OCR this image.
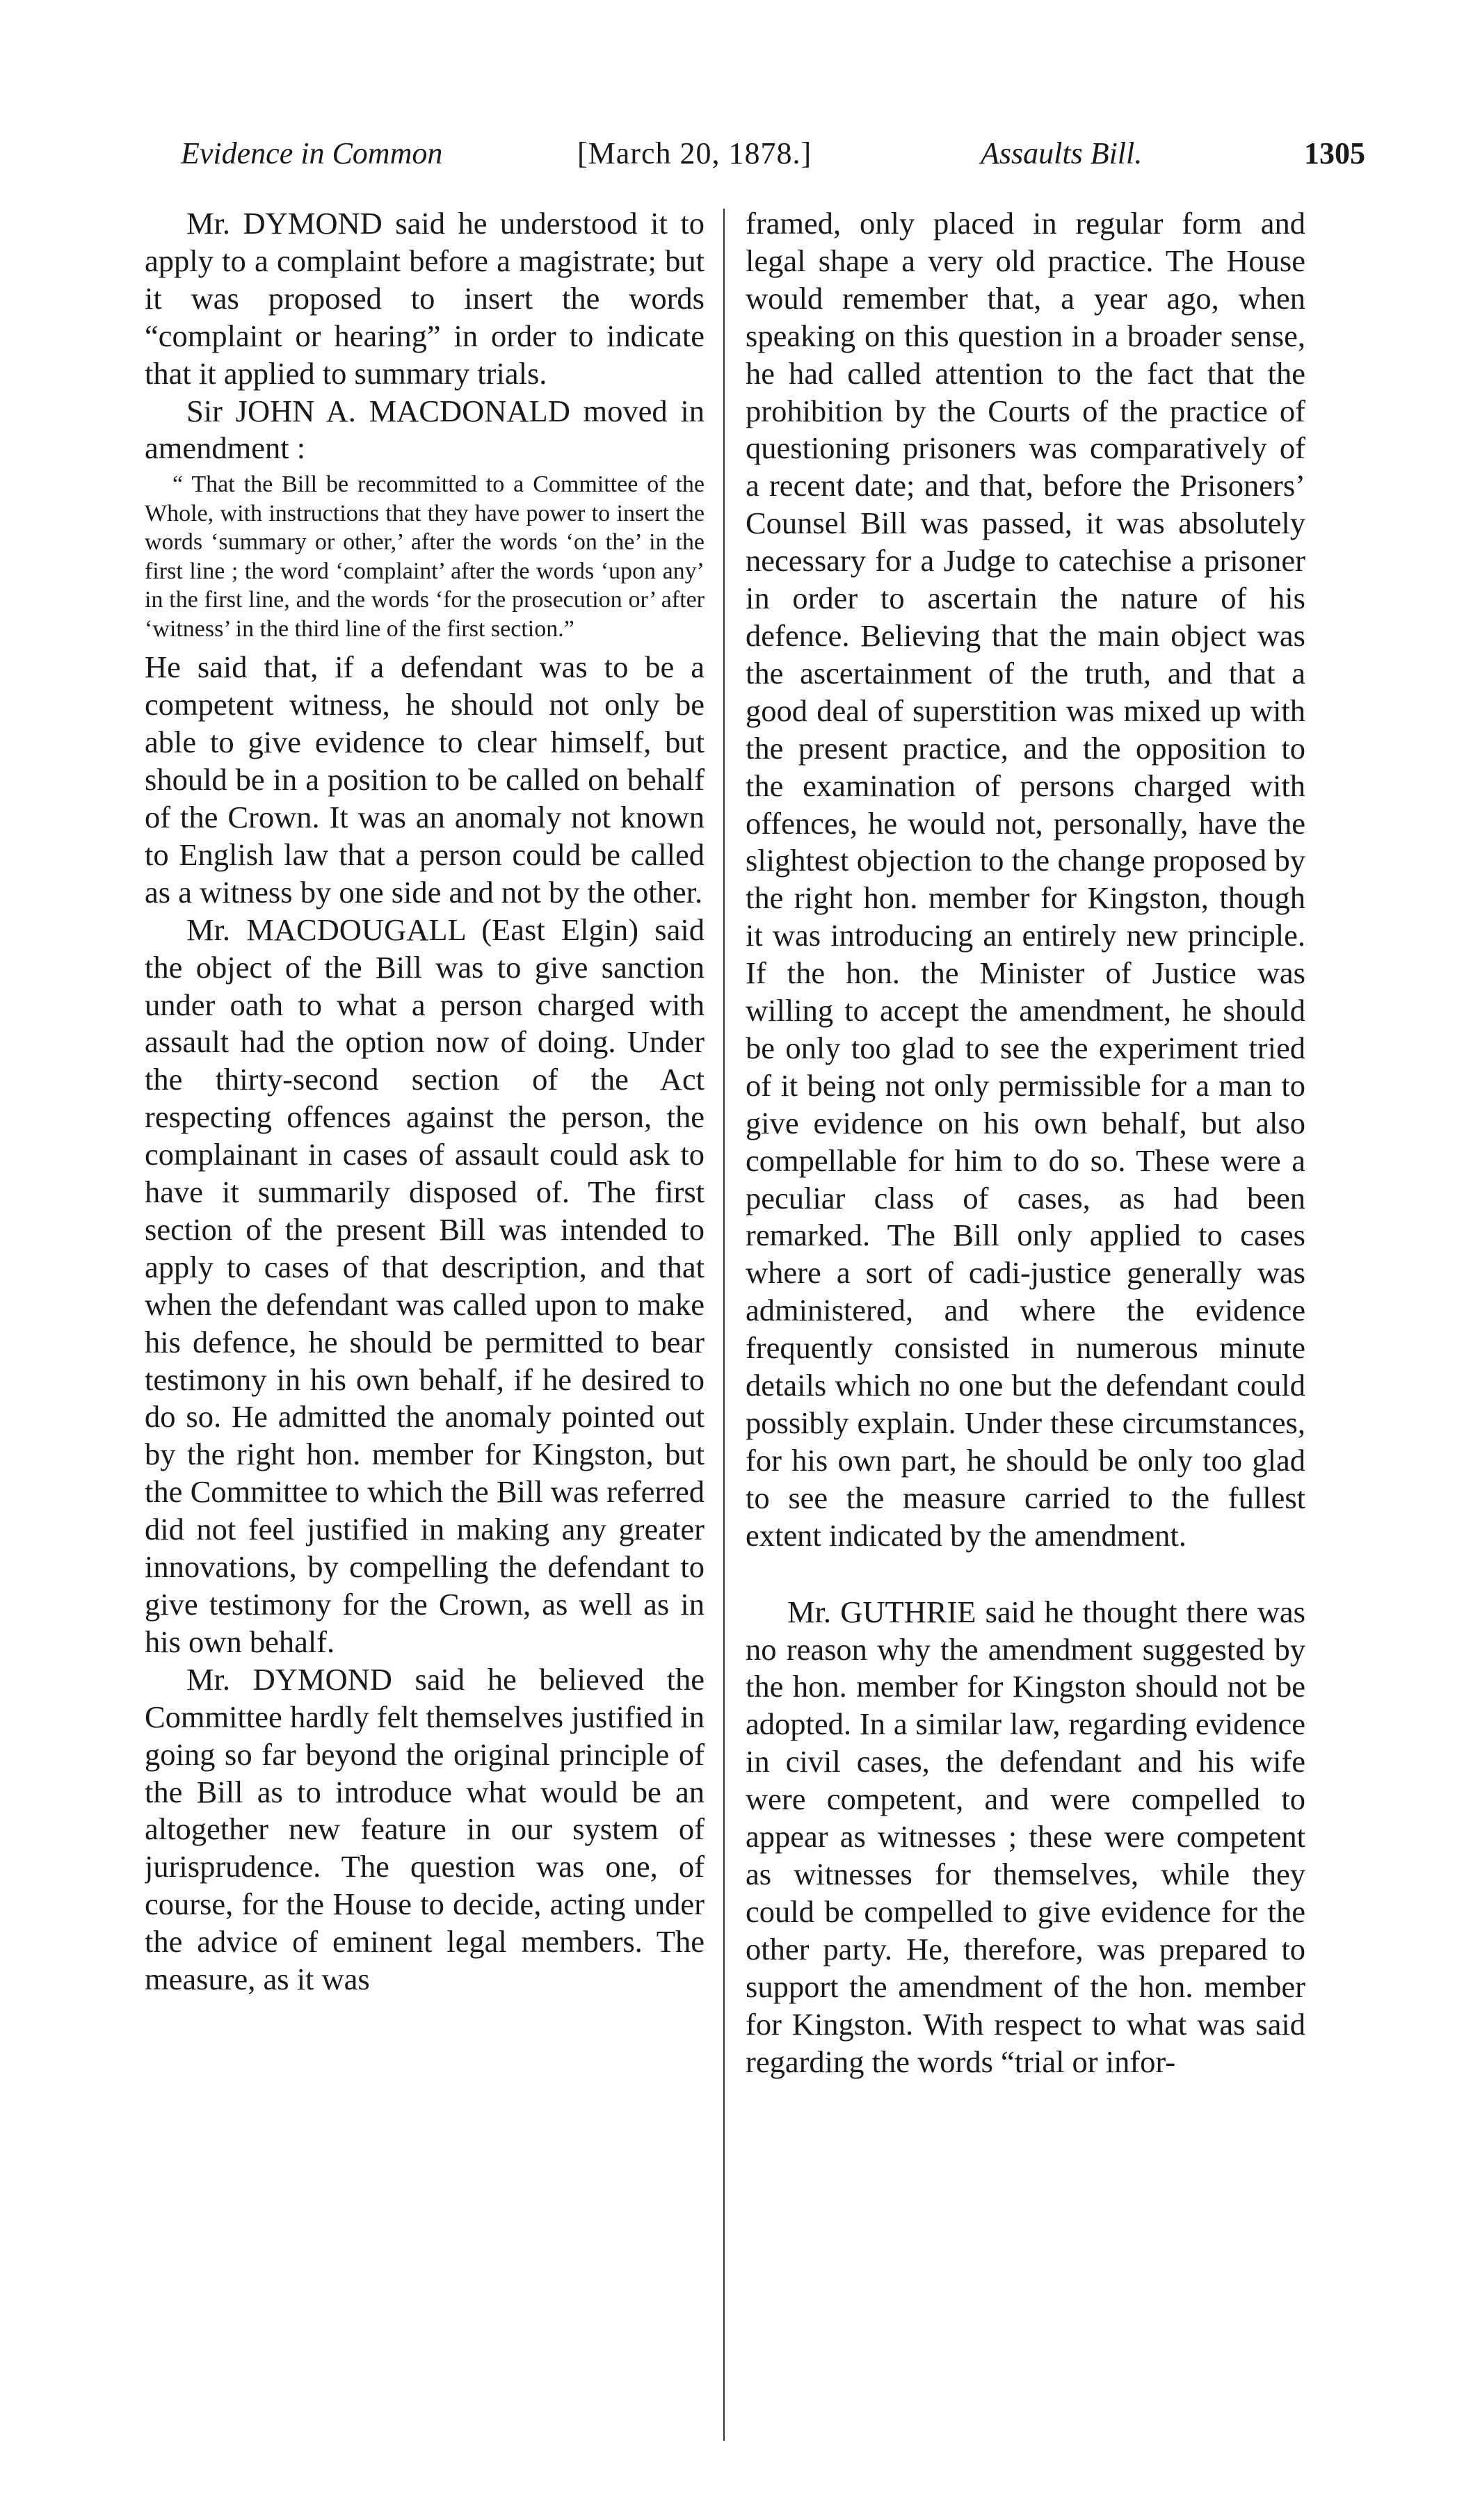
Evidence in Common	[March 20, 1878.]	Assaults Bill.	1305

Mr. DYMOND said he understood it to apply to a complaint before a magistrate; but it was proposed to insert the words “complaint or hearing” in order to indicate that it applied to summary trials.

Sir JOHN A. MACDONALD moved in amendment :

“ That the Bill be recommitted to a Committee of the Whole, with instructions that they have power to insert the words ‘summary or other,’ after the words ‘on the’ in the first line ; the word ‘complaint’ after the words ‘upon any’ in the first line, and the words ‘for the prosecution or’ after ‘witness’ in the third line of the first section.”

He said that, if a defendant was to be a competent witness, he should not only be able to give evidence to clear himself, but should be in a position to be called on behalf of the Crown. It was an anomaly not known to English law that a person could be called as a witness by one side and not by the other.

Mr. MACDOUGALL (East Elgin) said the object of the Bill was to give sanction under oath to what a person charged with assault had the option now of doing. Under the thirty-second section of the Act respecting offences against the person, the complainant in cases of assault could ask to have it summarily disposed of. The first section of the present Bill was intended to apply to cases of that description, and that when the defendant was called upon to make his defence, he should be permitted to bear testimony in his own behalf, if he desired to do so. He admitted the anomaly pointed out by the right hon. member for Kingston, but the Committee to which the Bill was referred did not feel justified in making any greater innovations, by compelling the defendant to give testimony for the Crown, as well as in his own behalf.

Mr. DYMOND said he believed the Committee hardly felt themselves justified in going so far beyond the original principle of the Bill as to introduce what would be an altogether new feature in our system of jurisprudence. The question was one, of course, for the House to decide, acting under the advice of eminent legal members. The measure, as it was

framed, only placed in regular form and legal shape a very old practice. The House would remember that, a year ago, when speaking on this question in a broader sense, he had called attention to the fact that the prohibition by the Courts of the practice of questioning prisoners was comparatively of a recent date; and that, before the Prisoners’ Counsel Bill was passed, it was absolutely necessary for a Judge to catechise a prisoner in order to ascertain the nature of his defence. Believing that the main object was the ascertainment of the truth, and that a good deal of superstition was mixed up with the present practice, and the opposition to the examination of persons charged with offences, he would not, personally, have the slightest objection to the change proposed by the right hon. member for Kingston, though it was introducing an entirely new principle. If the hon. the Minister of Justice was willing to accept the amendment, he should be only too glad to see the experiment tried of it being not only permissible for a man to give evidence on his own behalf, but also compellable for him to do so. These were a peculiar class of cases, as had been remarked. The Bill only applied to cases where a sort of cadi-justice generally was administered, and where the evidence frequently consisted in numerous minute details which no one but the defendant could possibly explain. Under these circumstances, for his own part, he should be only too glad to see the measure carried to the fullest extent indicated by the amendment.

Mr. GUTHRIE said he thought there was no reason why the amendment suggested by the hon. member for Kingston should not be adopted. In a similar law, regarding evidence in civil cases, the defendant and his wife were competent, and were compelled to appear as witnesses ; these were competent as witnesses for themselves, while they could be compelled to give evidence for the other party. He, therefore, was prepared to support the amendment of the hon. member for Kingston. With respect to what was said regarding the words “trial or infor-
